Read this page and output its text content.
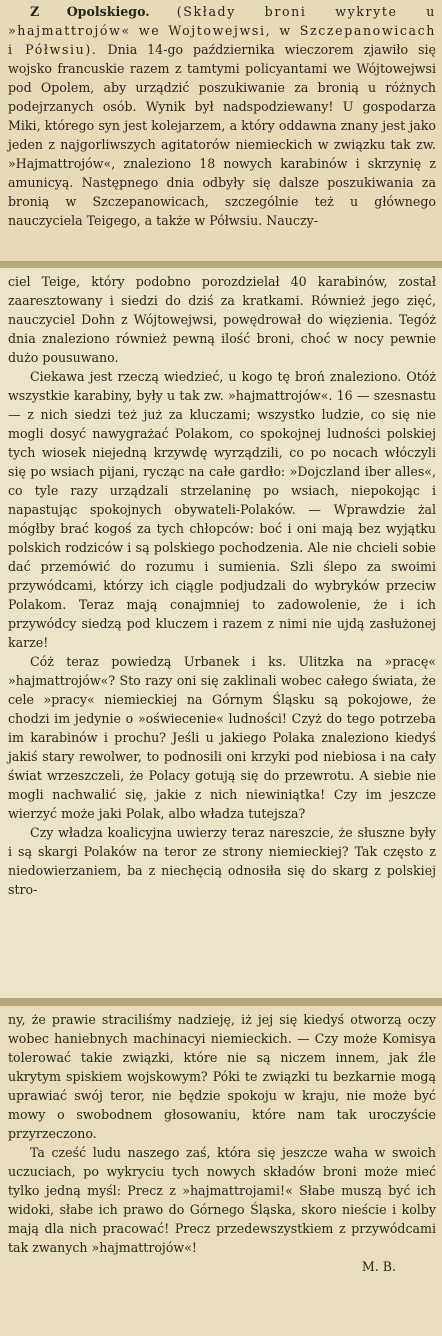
Z Opolskiego. (Składy broni wykryte u »hajmattrojów« we Wojtowejwsi, w Szczepanowicach i Półwsiu). Dnia 14-go października wieczorem zjawiło się wojsko francuskie razem z tamtymi policyantami we Wójtowejwsi pod Opolem, aby urządzić poszukiwanie za bronią u różnych podejrzanych osób. Wynik był nadspodziewany! U gospodarza Miki, którego syn jest kolejarzem, a który oddawna znany jest jako jeden z najgorliwszych agitatorów niemieckich w związku tak zw. »Hajmattrojów«, znaleziono 18 nowych karabinów i skrzynię z amunicyą. Następnego dnia odbyły się dalsze poszukiwania za bronią w Szczepanowicach, szczególnie też u głównego nauczyciela Teigego, a także w Półwsiu. Nauczy-

ciel Teige, który podobno porozdzielał 40 karabinów, został zaaresztowany i siedzi do dziś za kratkami. Również jego zięć, nauczyciel Dohn z Wójtowejwsi, powędrował do więzienia. Tegóż dnia znaleziono również pewną ilość broni, choć w nocy pewnie dużo pousuwano.

Ciekawa jest rzeczą wiedzieć, u kogo tę broń znaleziono. Otóż wszystkie karabiny, były u tak zw. »hajmattrojów«. 16 — szesnastu — z nich siedzi też już za kluczami; wszystko ludzie, co się nie mogli dosyć nawygrażać Polakom, co spokojnej ludności polskiej tych wiosek niejedną krzywdę wyrządzili, co po nocach włóczyli się po wsiach pijani, rycząc na całe gardło: »Dojczland iber alles«, co tyle razy urządzali strzelaninę po wsiach, niepokojąc i napastując spokojnych obywateli-Polaków. — Wprawdzie żal mógłby brać kogoś za tych chłopców: boć i oni mają bez wyjątku polskich rodziców i są polskiego pochodzenia. Ale nie chcieli sobie dać przemówić do rozumu i sumienia. Szli ślepo za swoimi przywódcami, którzy ich ciągle podjudzali do wybryków przeciw Polakom. Teraz mają conajmniej to zadowolenie, że i ich przywódcy siedzą pod kluczem i razem z nimi nie ujdą zasłużonej karze!

Cóż teraz powiedzą Urbanek i ks. Ulitzka na »pracę« »hajmattrojów«? Sto razy oni się zaklinali wobec całego świata, że cele »pracy« niemieckiej na Górnym Śląsku są pokojowe, że chodzi im jedynie o »oświecenie« ludności! Czyż do tego potrzeba im karabinów i prochu? Jeśli u jakiego Polaka znaleziono kiedyś jakiś stary rewolwer, to podnosili oni krzyki pod niebiosa i na cały świat wrzeszczeli, że Polacy gotują się do przewrotu. A siebie nie mogli nachwalić się, jakie z nich niewiniątka! Czy im jeszcze wierzyć może jaki Polak, albo władza tutejsza?

Czy władza koalicyjna uwierzy teraz nareszcie, że słuszne były i są skargi Polaków na teror ze strony niemieckiej? Tak często z niedowierzaniem, ba z niechęcią odnosiła się do skarg z polskiej stro-

ny, że prawie straciliśmy nadzieję, iż jej się kiedyś otworzą oczy wobec haniebnych machinacyi niemieckich. — Czy może Komisya tolerować takie związki, które nie są niczem innem, jak źle ukrytym spiskiem wojskowym? Póki te związki tu bezkarnie mogą uprawiać swój teror, nie będzie spokoju w kraju, nie może być mowy o swobodnem głosowaniu, które nam tak uroczyście przyrzeczono.

Ta cześć ludu naszego zaś, która się jeszcze waha w swoich uczuciach, po wykryciu tych nowych składów broni może mieć tylko jedną myśl: Precz z »hajmattrojami!« Słabe muszą być ich widoki, słabe ich prawo do Górnego Śląska, skoro nieście i kolby mają dla nich pracować! Precz przedewszystkiem z przywódcami tak zwanych »hajmattrojów«!

M. B.
